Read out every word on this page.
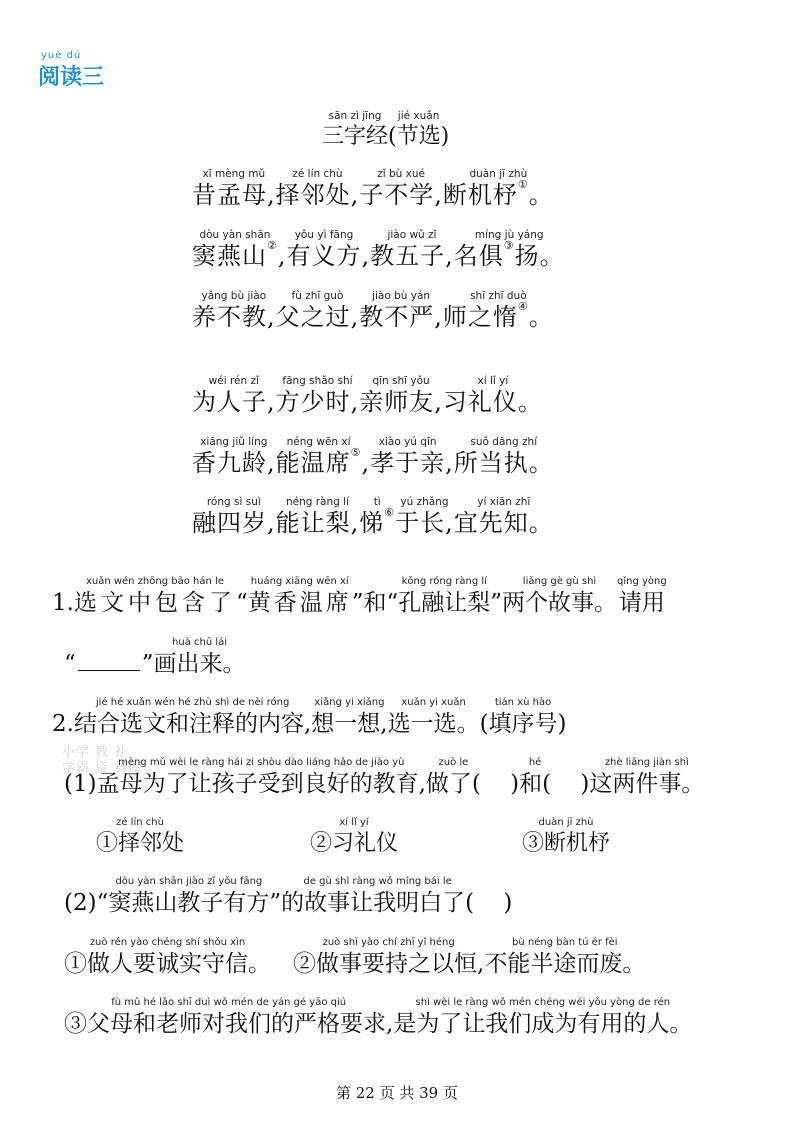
yuè dú
阅读三
sān zì jīng
三字经
jié xuǎn
(节选)
xī mèng mǔ
昔孟母,
zé lín chù
择邻处,
zǐ bù xué
子不学,
duàn jī zhù
断机杼①。
dòu yàn shān
窦燕山②
yǒu yì fāng
,有义方,
jiào wǔ zǐ
教五子,
míng jù yáng
名俱③扬。
yǎng bù jiào
养不教,
fù zhī guò
父之过,
jiào bù yán
教不严,
shī zhī duò
师之惰④。
wéi rén zǐ
为人子,
fāng shǎo shí
方少时,
qīn shī yǒu
亲师友,
xí lǐ yí
习礼仪。
xiāng jiǔ líng
香九龄,
néng wēn xí
能温席⑤
xiào yú qīn
,孝于亲,
suǒ dāng zhí
所当执。
róng sì suì
融四岁,
néng ràng lí
能让梨,
tì
悌⑥
yú zhǎng
于长,
yí xiān zhī
宜先知。
1.
xuǎn wén zhōng bāo hán le
选文中包含了 “
huáng xiāng wēn xí
黄香温席 ”和“
kǒng róng ràng lí
孔融让梨 ”
liǎng gè gù shì
两个故事。
qǐng yòng
请用
“	”
huà chū lái
画出来。
2.
jié hé xuǎn wén hé zhù shì de nèi róng
结合选文和注释的内容,
xiǎng yi xiǎng
想一想,
xuǎn yi xuǎn
选一选。
tián xù hào
(填序号)
小学 教 补
学霸 资 料库
(1)
mèng mǔ wèi le ràng hái zi shòu dào liáng hǎo de jiào yù
孟母为了让孩子受到良好的教育,
zuò le
做了( )
hé
和( )
zhè liǎng jiàn shì
这两件事。
zé lín chù
①择邻处
xí lǐ yí
②习礼仪
duàn jī zhù
③断机杼
(2)
dòu yàn shān jiào zǐ yǒu fāng
“窦燕山教子有方”
de gù shì ràng wǒ míng bái le
的故事让我明白了( )
zuò rén yào chéng shí shǒu xìn
①做人要诚实守信。
zuò shì yào chí zhī yǐ héng
②做事要持之以恒,
bù néng bàn tú ér fèi
不能半途而废。
fù mǔ hé lǎo shī duì wǒ mén de yán gé yāo qiú
③父母和老师对我们的严格要求,
shì wèi le ràng wǒ mén chéng wéi yǒu yòng de rén
是为了让我们成为有用的人。
第 22 页 共 39 页
